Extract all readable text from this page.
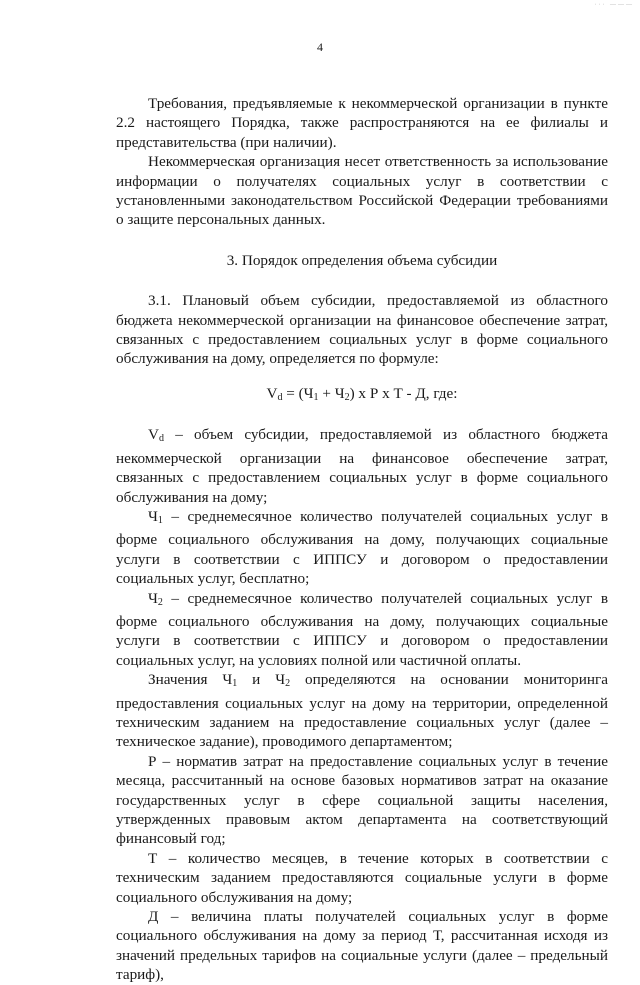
··· ———
4

Требования, предъявляемые к некоммерческой организации в пункте 2.2 настоящего Порядка, также распространяются на ее филиалы и представительства (при наличии).

Некоммерческая организация несет ответственность за использование информации о получателях социальных услуг в соответствии с установленными законодательством Российской Федерации требованиями о защите персональных данных.

3. Порядок определения объема субсидии

3.1. Плановый объем субсидии, предоставляемой из областного бюджета некоммерческой организации на финансовое обеспечение затрат, связанных с предоставлением социальных услуг в форме социального обслуживания на дому, определяется по формуле:

$V_d = (Ч_1 + Ч_2)$ х Р х Т - Д, где:

$V_d$ – объем субсидии, предоставляемой из областного бюджета некоммерческой организации на финансовое обеспечение затрат, связанных с предоставлением социальных услуг в форме социального обслуживания на дому;

$Ч_1$ – среднемесячное количество получателей социальных услуг в форме социального обслуживания на дому, получающих социальные услуги в соответствии с ИППСУ и договором о предоставлении социальных услуг, бесплатно;

$Ч_2$ – среднемесячное количество получателей социальных услуг в форме социального обслуживания на дому, получающих социальные услуги в соответствии с ИППСУ и договором о предоставлении социальных услуг, на условиях полной или частичной оплаты.

Значения $Ч_1$ и $Ч_2$ определяются на основании мониторинга предоставления социальных услуг на дому на территории, определенной техническим заданием на предоставление социальных услуг (далее – техническое задание), проводимого департаментом;

Р – норматив затрат на предоставление социальных услуг в течение месяца, рассчитанный на основе базовых нормативов затрат на оказание государственных услуг в сфере социальной защиты населения, утвержденных правовым актом департамента на соответствующий финансовый год;

Т – количество месяцев, в течение которых в соответствии с техническим заданием предоставляются социальные услуги в форме социального обслуживания на дому;

Д – величина платы получателей социальных услуг в форме социального обслуживания на дому за период Т, рассчитанная исходя из значений предельных тарифов на социальные услуги (далее – предельный тариф),
